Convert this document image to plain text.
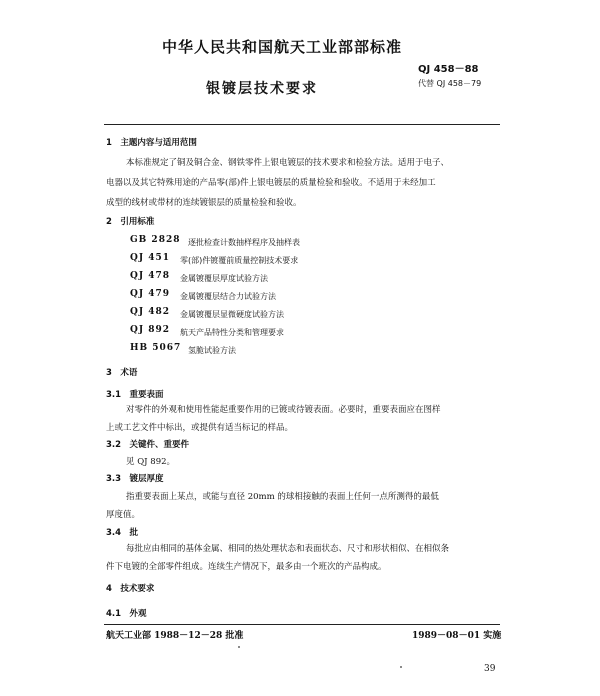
中华人民共和国航天工业部部标准
QJ 458－88
银镀层技术要求	代替 QJ 458－79
1　主题内容与适用范围
本标准规定了铜及铜合金、钢铁零件上银电镀层的技术要求和检验方法。适用于电子、
电器以及其它特殊用途的产品零(部)件上银电镀层的质量检验和验收。不适用于未经加工
成型的线材或带材的连续镀银层的质量检验和验收。
2　引用标准
GB 2828 逐批检查计数抽样程序及抽样表
QJ 451 零(部)件镀覆前质量控制技术要求
QJ 478 金属镀覆层厚度试验方法
QJ 479 金属镀覆层结合力试验方法
QJ 482 金属镀覆层显微硬度试验方法
QJ 892 航天产品特性分类和管理要求
HB 5067 氢脆试验方法
3　术语
3.1　重要表面
对零件的外观和使用性能起重要作用的已镀或待镀表面。必要时，重要表面应在图样
上或工艺文件中标出，或提供有适当标记的样品。
3.2　关键件、重要件
见 QJ 892。
3.3　镀层厚度
指重要表面上某点，或能与直径 20mm 的球相接触的表面上任何一点所测得的最低
厚度值。
3.4　批
每批应由相同的基体金属、相同的热处理状态和表面状态、尺寸和形状相似、在相似条
件下电镀的全部零件组成。连续生产情况下，最多由一个班次的产品构成。
4　技术要求
4.1　外观
航天工业部 1988－12－28 批准	1989－08－01 实施
39
